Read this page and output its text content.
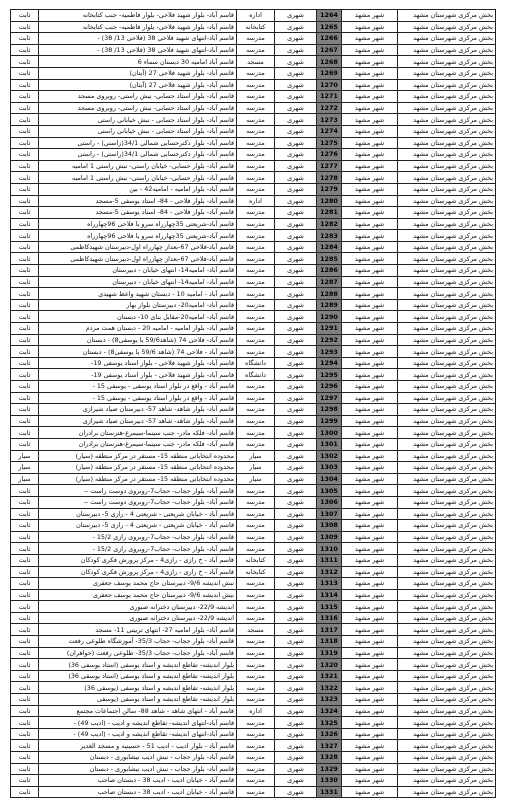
بخش مرکزی شهرستان مشهد	شهر مشهد	1264	شهری	اداره	قاسم آباد- بلوار شهید فلاحی- بلوار فاطمیه- جنب کتابخانه	ثابت
بخش مرکزی شهرستان مشهد	شهر مشهد	1265	شهری	کتابخانه	قاسم آباد- بلوار شهید فلاحی- بلوار فاطمیه- جنب کتابخانه	ثابت
بخش مرکزی شهرستان مشهد	شهر مشهد	1266	شهری	مدرسه	قاسم آباد-انتهای شهید فلاحی 38 (فلاحی 13/ 38) -	ثابت
بخش مرکزی شهرستان مشهد	شهر مشهد	1267	شهری	مدرسه	قاسم آباد-انتهای شهید فلاحی 38 (فلاحی 13/ 38) -	ثابت
بخش مرکزی شهرستان مشهد	شهر مشهد	1268	شهری	مسجد	قاسم آباد امامیه 30 دبستان سماء 6	ثابت
بخش مرکزی شهرستان مشهد	شهر مشهد	1269	شهری	مدرسه	قاسم آباد- بلوار شهید فلاحی 27 (آیتان)	ثابت
بخش مرکزی شهرستان مشهد	شهر مشهد	1270	شهری	مدرسه	قاسم آباد- بلوار شهید فلاحی 27 (آیتان)	ثابت
بخش مرکزی شهرستان مشهد	شهر مشهد	1271	شهری	مدرسه	قاسم آباد- بلوار استاد حسابی- نبش راستی- روبروی مسجد	ثابت
بخش مرکزی شهرستان مشهد	شهر مشهد	1272	شهری	مدرسه	قاسم آباد- بلوار استاد حسابی- نبش راستی- روبروی مسجد	ثابت
بخش مرکزی شهرستان مشهد	شهر مشهد	1273	شهری	مدرسه	قاسم آباد- بلوار استاد حسابی - نبش خیابانی راستی	ثابت
بخش مرکزی شهرستان مشهد	شهر مشهد	1274	شهری	مدرسه	قاسم آباد- بلوار استاد حسابی - نبش خیابانی راستی	ثابت
بخش مرکزی شهرستان مشهد	شهر مشهد	1275	شهری	مدرسه	قاسم آباد- بلوار دکترحسابی شمالی 34/1(راستی) - راستی	ثابت
بخش مرکزی شهرستان مشهد	شهر مشهد	1276	شهری	مدرسه	قاسم آباد- بلوار دکترحسابی شمالی 34/1(راستی) - راستی	ثابت
بخش مرکزی شهرستان مشهد	شهر مشهد	1277	شهری	مدرسه	قاسم آباد- بلوار حسابی- خیابان راستی- نبش راستی 1 امامیه	ثابت
بخش مرکزی شهرستان مشهد	شهر مشهد	1278	شهری	مدرسه	قاسم آباد- بلوار حسابی- خیابان راستی- نبش راستی 1 امامیه	ثابت
بخش مرکزی شهرستان مشهد	شهر مشهد	1279	شهری	مدرسه	قاسم آباد- بلوار امامیه - امامیه42 - بین	ثابت
بخش مرکزی شهرستان مشهد	شهر مشهد	1280	شهری	اداره	قاسم آباد- بلوار فلاحی - 84- استاد یوسفی 5-مسجد	ثابت
بخش مرکزی شهرستان مشهد	شهر مشهد	1281	شهری	مدرسه	قاسم آباد- بلوار فلاحی - 84- استاد یوسفی 5-مسجد	ثابت
بخش مرکزی شهرستان مشهد	شهر مشهد	1282	شهری	مدرسه	قاسم آباد-شریعتی 35چهارراه سرو یا فلاحی 96چهارراه	ثابت
بخش مرکزی شهرستان مشهد	شهر مشهد	1283	شهری	مدرسه	قاسم آباد-شریعتی 35چهارراه سرو یا فلاحی 96چهارراه	ثابت
بخش مرکزی شهرستان مشهد	شهر مشهد	1284	شهری	مدرسه	قاسم آباد-فلاحی 67-بعداز چهارراه اول-دبیرستان شهیدکاظمی	ثابت
بخش مرکزی شهرستان مشهد	شهر مشهد	1285	شهری	مدرسه	قاسم آباد-فلاحی 67-بعداز چهارراه اول-دبیرستان شهیدکاظمی	ثابت
بخش مرکزی شهرستان مشهد	شهر مشهد	1286	شهری	مدرسه	قاسم آباد- امامیه14- انتهای خیابان - دبیرستان	ثابت
بخش مرکزی شهرستان مشهد	شهر مشهد	1287	شهری	مدرسه	قاسم آباد- امامیه14- انتهای خیابان - دبیرستان	ثابت
بخش مرکزی شهرستان مشهد	شهر مشهد	1288	شهری	مدرسه	قاسم آباد - امامیه 10 - دبستان شهید واعظ شهیدی	ثابت
بخش مرکزی شهرستان مشهد	شهر مشهد	1289	شهری	مدرسه	قاسم آباد- امامیه20- دبیرستان بلوار بهار	ثابت
بخش مرکزی شهرستان مشهد	شهر مشهد	1290	شهری	مدرسه	قاسم آباد- امامیه20-مقابل بنای 10- دبستان	ثابت
بخش مرکزی شهرستان مشهد	شهر مشهد	1291	شهری	مدرسه	قاسم آباد- بلوار امامیه - امامیه 20 - دبستان همت مردم	ثابت
بخش مرکزی شهرستان مشهد	شهر مشهد	1292	شهری	مدرسه	قاسم آباد- فلاحی 74 (شاهد59/6 یا یوسفی8) - دبستان	ثابت
بخش مرکزی شهرستان مشهد	شهر مشهد	1293	شهری	مدرسه	قاسم آباد - فلاحی 74 (شاهد 59/6 یا یوسفی8) - دبستان	ثابت
بخش مرکزی شهرستان مشهد	شهر مشهد	1294	شهری	دانشگاه	قاسم آباد- بلوار شهید فلاحی - بلوار استاد یوسفی 19-	ثابت
بخش مرکزی شهرستان مشهد	شهر مشهد	1295	شهری	دانشگاه	قاسم آباد- بلوار شهید فلاحی - بلوار استاد یوسفی 19-	ثابت
بخش مرکزی شهرستان مشهد	شهر مشهد	1296	شهری	مدرسه	قاسم آباد - واقع در بلوار استاد یوسفی - یوسفی 15 -	ثابت
بخش مرکزی شهرستان مشهد	شهر مشهد	1297	شهری	مدرسه	قاسم آباد - واقع در بلوار استاد یوسفی - یوسفی 15 -	ثابت
بخش مرکزی شهرستان مشهد	شهر مشهد	1298	شهری	مدرسه	قاسم آباد- بلوار شاهد- شاهد 57- دبیرستان صیاد شیرازی	ثابت
بخش مرکزی شهرستان مشهد	شهر مشهد	1299	شهری	مدرسه	قاسم آباد- بلوار شاهد- شاهد 57- دبیرستان صیاد شیرازی	ثابت
بخش مرکزی شهرستان مشهد	شهر مشهد	1300	شهری	مدرسه	قاسم آباد- فلکه مادر- جنب سینما-سیمرغ-هنرستان برادران	ثابت
بخش مرکزی شهرستان مشهد	شهر مشهد	1301	شهری	مدرسه	قاسم آباد- فلکه مادر- جنب سینما-سیمرغ-هنرستان برادران	ثابت
بخش مرکزی شهرستان مشهد	شهر مشهد	1302	شهری	سیار	محدوده انتخاباتی منطقه 15- مستقر در مرکز منطقه (سیار)	سیار
بخش مرکزی شهرستان مشهد	شهر مشهد	1303	شهری	سیار	محدوده انتخاباتی منطقه 15- مستقر در مرکز منطقه (سیار)	سیار
بخش مرکزی شهرستان مشهد	شهر مشهد	1304	شهری	سیار	محدوده انتخاباتی منطقه 15- مستقر در مرکز منطقه (سیار)	سیار
بخش مرکزی شهرستان مشهد	شهر مشهد	1305	شهری	مدرسه	قاسم آباد- بلوار حجاب- حجاب7-روبروی دوست راست --	ثابت
بخش مرکزی شهرستان مشهد	شهر مشهد	1306	شهری	مدرسه	قاسم آباد- بلوار حجاب- حجاب7-روبروی دوست راست --	ثابت
بخش مرکزی شهرستان مشهد	شهر مشهد	1307	شهری	مدرسه	قاسم آباد - خیابان شریعتی - شریعتی 4 - رازی 5- دبیرستان	ثابت
بخش مرکزی شهرستان مشهد	شهر مشهد	1308	شهری	مدرسه	قاسم آباد - خیابان شریعتی - شریعتی 4 - رازی 5- دبیرستان	ثابت
بخش مرکزی شهرستان مشهد	شهر مشهد	1309	شهری	مدرسه	قاسم آباد- بلوار حجاب- حجاب7-روبروی رازی 15/2 -	ثابت
بخش مرکزی شهرستان مشهد	شهر مشهد	1310	شهری	مدرسه	قاسم آباد- بلوار حجاب- حجاب7-روبروی رازی 15/2 -	ثابت
بخش مرکزی شهرستان مشهد	شهر مشهد	1311	شهری	کتابخانه	قاسم آباد - خ رازی - رازی4 - مرکز پرورش فکری کودکان	ثابت
بخش مرکزی شهرستان مشهد	شهر مشهد	1312	شهری	کتابخانه	قاسم آباد - خ رازی - رازی4 - مرکز پرورش فکری کودکان	ثابت
بخش مرکزی شهرستان مشهد	شهر مشهد	1313	شهری	مدرسه	نبش اندیشه 9/6- دبیرستان حاج محمد یوسف جعفری	ثابت
بخش مرکزی شهرستان مشهد	شهر مشهد	1314	شهری	مدرسه	نبش اندیشه 9/6- دبیرستان حاج محمد یوسف جعفری	ثابت
بخش مرکزی شهرستان مشهد	شهر مشهد	1315	شهری	مدرسه	اندیشه 22/9- دبیرستان دخترانه صبوری	ثابت
بخش مرکزی شهرستان مشهد	شهر مشهد	1316	شهری	مدرسه	اندیشه 22/9- دبیرستان دخترانه صبوری	ثابت
بخش مرکزی شهرستان مشهد	شهر مشهد	1317	شهری	مسجد	قاسم آباد- بلوار امامیه 27- انتهای تربیتی 11- مسجد	ثابت
بخش مرکزی شهرستان مشهد	شهر مشهد	1318	شهری	مدرسه	قاسم آباد- بلوار حجاب- حجاب 35/3- آموزشگاه طلوعی رفعت	ثابت
بخش مرکزی شهرستان مشهد	شهر مشهد	1319	شهری	مدرسه	قاسم آباد- بلوار حجاب- حجاب 35/3- طلوعی رفعت (خواهران)	ثابت
بخش مرکزی شهرستان مشهد	شهر مشهد	1320	شهری	مدرسه	بلوار اندیشه- تقاطع اندیشه و استاد یوسفی (استاد یوسفی 36)	ثابت
بخش مرکزی شهرستان مشهد	شهر مشهد	1321	شهری	مدرسه	بلوار اندیشه- تقاطع اندیشه و استاد یوسفی (استاد یوسفی 36)	ثابت
بخش مرکزی شهرستان مشهد	شهر مشهد	1322	شهری	مدرسه	بلوار اندیشه- تقاطع اندیشه و استاد یوسفی (یوسفی 36)	ثابت
بخش مرکزی شهرستان مشهد	شهر مشهد	1323	شهری	مدرسه	بلوار اندیشه- تقاطع اندیشه و استاد یوسفی (یوسفی	ثابت
بخش مرکزی شهرستان مشهد	شهر مشهد	1324	شهری	اداره	قاسم آباد - انتهای شاهد - شاهد 88- سالن اجتماعات مجتمع	ثابت
بخش مرکزی شهرستان مشهد	شهر مشهد	1325	شهری	مدرسه	قاسم آباد-انتهای اندیشه- تقاطع اندیشه و ادیب - (ادیب 49) -	ثابت
بخش مرکزی شهرستان مشهد	شهر مشهد	1326	شهری	مدرسه	قاسم آباد-انتهای اندیشه- تقاطع اندیشه و ادیب - (ادیب 49) -	ثابت
بخش مرکزی شهرستان مشهد	شهر مشهد	1327	شهری	مدرسه	قاسم آباد - بلوار ادیب - ادیب 51 - حسینیه و مسجد الغدیر	ثابت
بخش مرکزی شهرستان مشهد	شهر مشهد	1328	شهری	مدرسه	قاسم آباد- بلوار حجاب - نبش ادیب نیشابوری - دبستان	ثابت
بخش مرکزی شهرستان مشهد	شهر مشهد	1329	شهری	مدرسه	قاسم آباد- بلوار حجاب - نبش ادیب نیشابوری - دبستان	ثابت
بخش مرکزی شهرستان مشهد	شهر مشهد	1330	شهری	مدرسه	قاسم آباد - خیابان ادیب - ادیب 38 - دبستان صاحب	ثابت
بخش مرکزی شهرستان مشهد	شهر مشهد	1331	شهری	مدرسه	قاسم آباد - خیابان ادیب - ادیب 38 - دبستان صاحب	ثابت
